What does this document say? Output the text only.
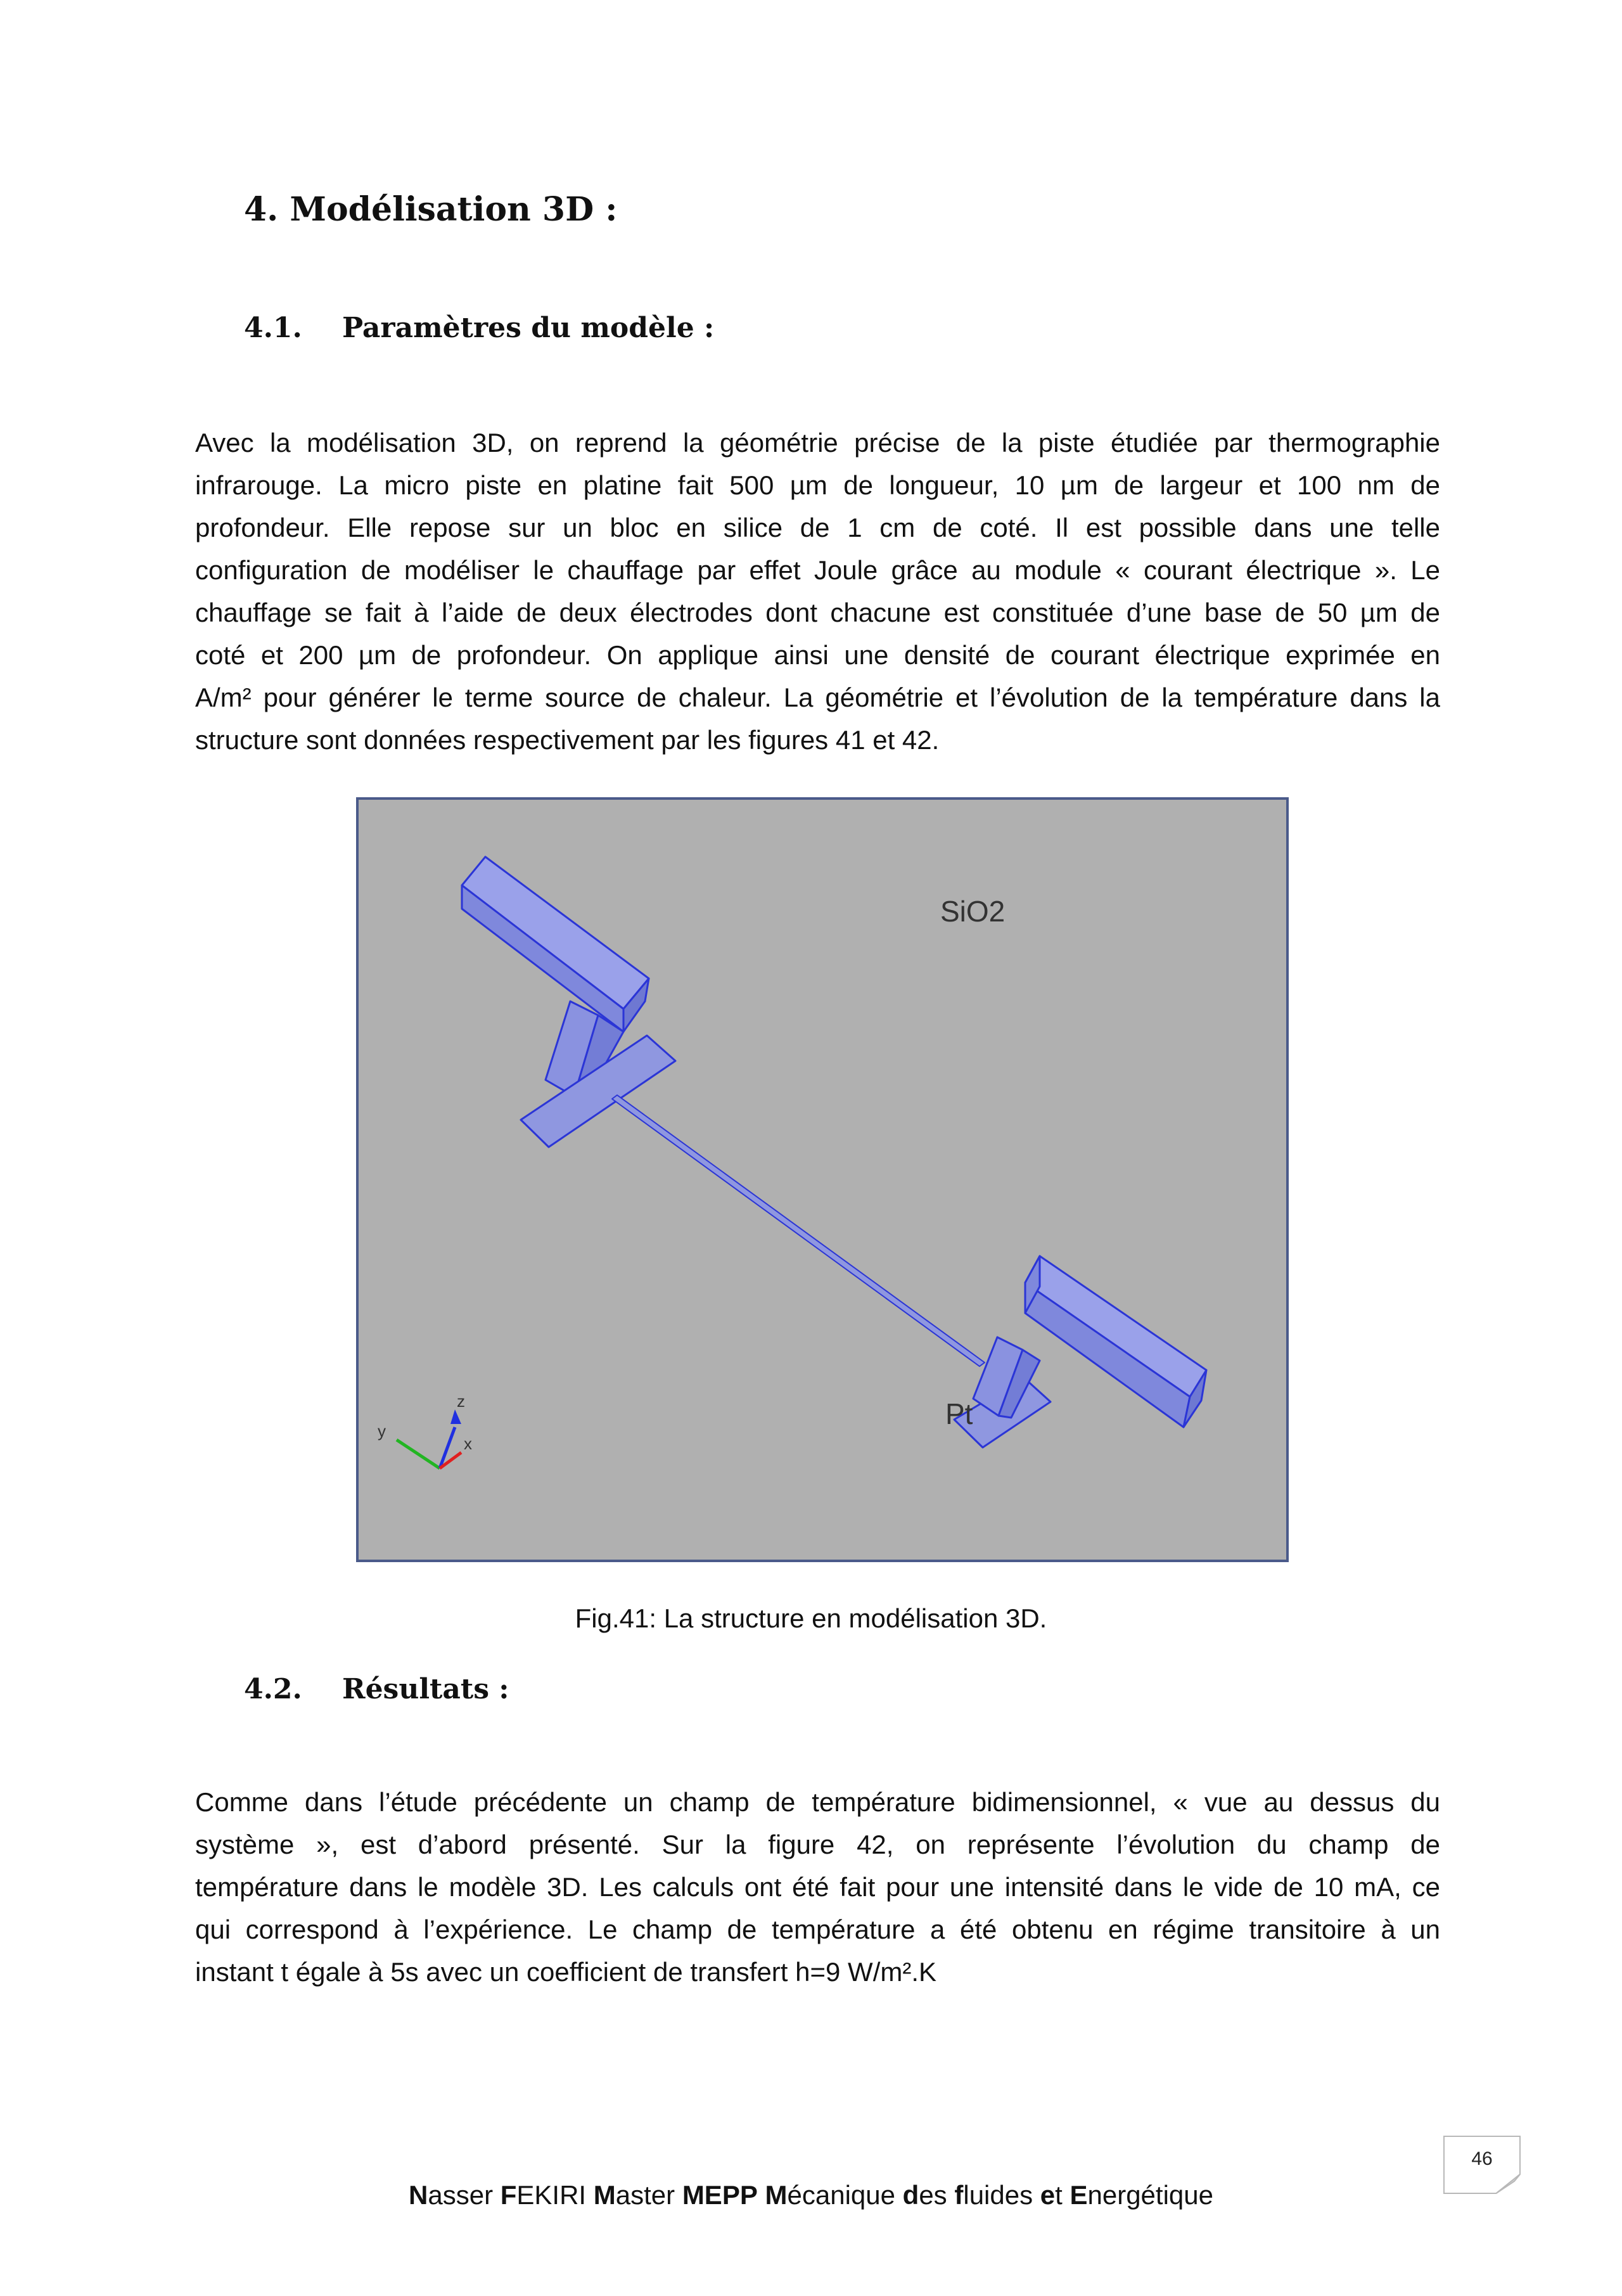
4. Modélisation 3D :
4.1. Paramètres du modèle :
Avec la modélisation 3D, on reprend la géométrie précise de la piste étudiée par thermographie
infrarouge. La micro piste en platine fait 500 µm de longueur, 10 µm de largeur et 100 nm de
profondeur. Elle repose sur un bloc en silice de 1 cm de coté. Il est possible dans une telle
configuration de modéliser le chauffage par effet Joule grâce au module « courant électrique ». Le
chauffage se fait à l’aide de deux électrodes dont chacune est constituée d’une base de 50 µm de
coté et 200 µm de profondeur. On applique ainsi une densité de courant électrique exprimée en
A/m² pour générer le terme source de chaleur. La géométrie et l’évolution de la température dans la
structure sont données respectivement par les figures 41 et 42.
SiO2
Pt
y
z
x
Fig.41: La structure en modélisation 3D.
4.2. Résultats :
Comme dans l’étude précédente un champ de température bidimensionnel, « vue au dessus du
système », est d’abord présenté. Sur la figure 42, on représente l’évolution du champ de
température dans le modèle 3D. Les calculs ont été fait pour une intensité dans le vide de 10 mA, ce
qui correspond à l’expérience. Le champ de température a été obtenu en régime transitoire à un
instant t égale à 5s avec un coefficient de transfert h=9 W/m².K
46
Nasser FEKIRI Master MEPP Mécanique des fluides et Energétique
